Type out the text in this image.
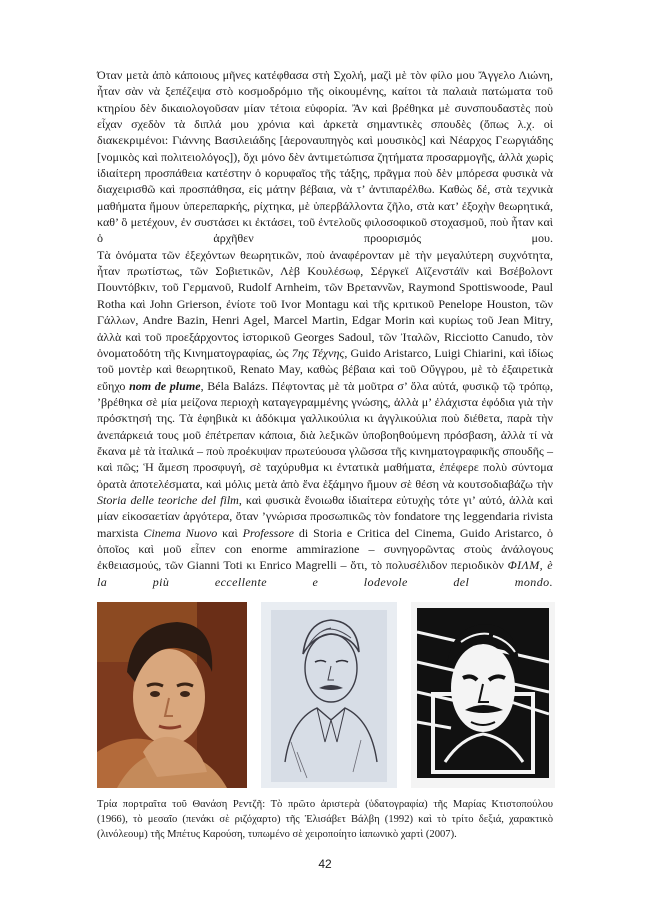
Όταν μετὰ ἀπὸ κάποιους μῆνες κατέφθασα στὴ Σχολή, μαζὶ μὲ τὸν φίλο μου Ἄγγελο Λιώνη, ἦταν σὰν νὰ ξεπέζεψα στὸ κοσμοδρόμιο τῆς οἰκουμένης, καίτοι τὰ παλαιὰ πατώματα τοῦ κτηρίου δὲν δικαιολογοῦσαν μίαν τέτοια εὐφορία. Ἂν καὶ βρέθηκα μὲ συνσπουδαστὲς ποὺ εἶχαν σχεδὸν τὰ διπλά μου χρόνια καὶ ἀρκετὰ σημαντικὲς σπουδὲς (ὅπως λ.χ. οἱ διακεκριμένοι: Γιάννης Βασιλειάδης [ἀεροναυπηγὸς καὶ μουσικὸς] καὶ Νέαρχος Γεωργιάδης [νομικὸς καὶ πολιτειολόγος]), ὄχι μόνο δὲν ἀντιμετώπισα ζητήματα προσαρμογῆς, ἀλλὰ χωρὶς ἰδιαίτερη προσπάθεια κατέστην ὁ κορυφαῖος τῆς τάξης, πρᾶγμα ποὺ δὲν μπόρεσα φυσικὰ νὰ διαχειρισθῶ καὶ προσπάθησα, εἰς μάτην βέβαια, νὰ τ’ ἀντιπαρέλθω. Καθὼς δέ, στὰ τεχνικὰ μαθήματα ἤμουν ὑπερεπαρκής, ρίχτηκα, μὲ ὑπερβάλλοντα ζῆλο, στὰ κατ’ ἐξοχὴν θεωρητικά, καθ’ ὃ μετέχουν, ἐν συστάσει κι ἐκτάσει, τοῦ ἐντελοῦς φιλοσοφικοῦ στοχασμοῦ, ποὺ ἦταν καὶ ὁ ἀρχῆθεν προορισμός μου.

Τὰ ὀνόματα τῶν ἐξεχόντων θεωρητικῶν, ποὺ ἀναφέρονταν μὲ τὴν μεγαλύτερη συχνότητα, ἦταν πρωτίστως, τῶν Σοβιετικῶν, Λὲβ Κουλέσωφ, Σέργκεϊ Αϊζενστάϊν καὶ Βσέβολοντ Πουντόβκιν, τοῦ Γερμανοῦ, Rudolf Arnheim, τῶν Βρετανν̃ων, Raymond Spottiswoode, Paul Rotha καὶ John Grierson, ἐνίοτε τοῦ Ivor Montagu καὶ τῆς κριτικοῦ Penelope Houston, τῶν Γάλλων, Andre Bazin, Henri Agel, Marcel Martin, Edgar Morin καὶ κυρίως τοῦ Jean Mitry, ἀλλὰ καὶ τοῦ προεξάρχοντος ἱστορικοῦ Georges Sadoul, τῶν Ἰταλῶν, Ricciotto Canudo, τὸν ὀνοματοδότη τῆς Κινηματογραφίας, ὡς 7ης Τέχνης, Guido Aristarco, Luigi Chiarini, καὶ ἰδίως τοῦ μοντὲρ καὶ θεωρητικοῦ, Renato May, καθὼς βέβαια καὶ τοῦ Οὔγγρου, μὲ τὸ ἐξαιρετικὰ εὔηχο nom de plume, Béla Balázs. Πέφτοντας μὲ τὰ μοῦτρα σ’ ὅλα αὐτά, φυσικῷ τῷ τρόπῳ, ’βρέθηκα σὲ μία μείζονα περιοχὴ καταγεγραμμένης γνώσης, ἀλλὰ μ’ ἐλάχιστα ἐφόδια γιὰ τὴν πρόσκτησή της. Τὰ ἐφηβικὰ κι ἀδόκιμα γαλλικούλια κι ἀγγλικούλια ποὺ διέθετα, παρὰ τὴν ἀνεπάρκειά τους μοῦ ἐπέτρεπαν κάποια, διὰ λεξικῶν ὑποβοηθούμενη πρόσβαση, ἀλλὰ τί νὰ ἔκανα μὲ τὰ ἰταλικά – ποὺ προέκυψαν πρωτεύουσα γλῶσσα τῆς κινηματογραφικῆς σπουδῆς – καὶ πῶς; Ἡ ἄμεση προσφυγή, σὲ ταχύρυθμα κι ἐντατικὰ μαθήματα, ἐπέφερε πολὺ σύντομα ὁρατὰ ἀποτελέσματα, καὶ μόλις μετὰ ἀπὸ ἕνα ἑξάμηνο ἤμουν σὲ θέση νὰ κουτσοδιαβάζω τὴν Storia delle teoriche del film, καὶ φυσικὰ ἔνοιωθα ἰδιαίτερα εὐτυχὴς τότε γι’ αὐτό, ἀλλὰ καὶ μίαν εἰκοσαετίαν ἀργότερα, ὅταν ’γνώρισα προσωπικῶς τὸν fondatore της leggendaria rivista marxista Cinema Nuovo καὶ Professore di Storia e Critica del Cinema, Guido Aristarco, ὁ ὁποῖος καὶ μοῦ εἶπεν con enorme ammirazione – συνηγορῶντας στοὺς ἀνάλογους ἐκθειασμούς, τῶν Gianni Toti κι Enrico Magrelli – ὅτι, τὸ πολυσέλιδον περιοδικὸν ΦΙΛΜ, è la più eccellente e lodevole del mondo.

Τρία πορτραῖτα τοῦ Θανάση Ρεντζῆ: Τὸ πρῶτο ἀριστερὰ (ὑδατογραφία) τῆς Μαρίας Κτιστοπούλου (1966), τὸ μεσαῖο (πενάκι σὲ ριζόχαρτο) τῆς Ἐλισάβετ Βάλβη (1992) καὶ τὸ τρίτο δεξιά, χαρακτικὸ (λινόλεουμ) τῆς Μπέτυς Καρούση, τυπωμένο σὲ χειροποίητο ἰαπωνικὸ χαρτὶ (2007).

42
